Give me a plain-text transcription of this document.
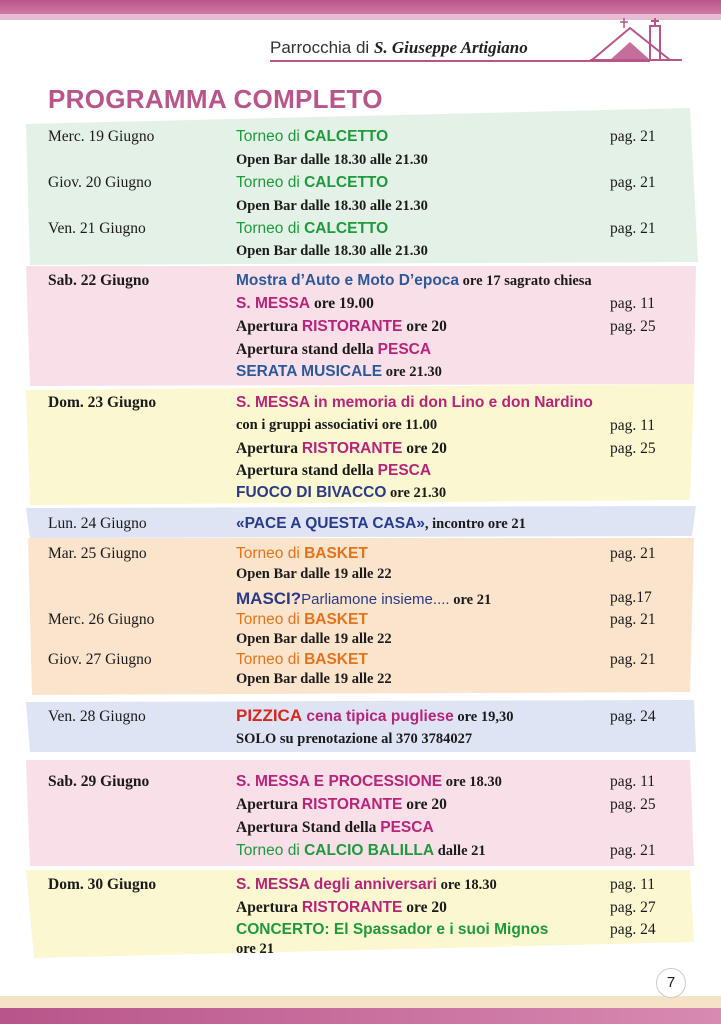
Parrocchia di S. Giuseppe Artigiano
PROGRAMMA COMPLETO
Merc. 19 Giugno	Torneo di CALCETTO	pag. 21
Open Bar dalle 18.30 alle 21.30
Giov. 20 Giugno	Torneo di CALCETTO	pag. 21
Open Bar dalle 18.30 alle 21.30
Ven. 21 Giugno	Torneo di CALCETTO	pag. 21
Open Bar dalle 18.30 alle 21.30
Sab. 22 Giugno	Mostra d’Auto e Moto D’epoca ore 17 sagrato chiesa
S. MESSA ore 19.00	pag. 11
Apertura RISTORANTE ore 20	pag. 25
Apertura stand della PESCA
SERATA MUSICALE ore 21.30
Dom. 23 Giugno	S. MESSA in memoria di don Lino e don Nardino
con i gruppi associativi ore 11.00	pag. 11
Apertura RISTORANTE ore 20	pag. 25
Apertura stand della PESCA
FUOCO DI BIVACCO ore 21.30
Lun. 24 Giugno	«PACE A QUESTA CASA», incontro ore 21
Mar. 25 Giugno	Torneo di BASKET	pag. 21
Open Bar dalle 19 alle 22
MASCI?Parliamone insieme.... ore 21	pag.17
Merc. 26 Giugno	Torneo di BASKET	pag. 21
Open Bar dalle 19 alle 22
Giov. 27 Giugno	Torneo di BASKET	pag. 21
Open Bar dalle 19 alle 22
Ven. 28 Giugno	PIZZICA cena tipica pugliese ore 19,30	pag. 24
SOLO su prenotazione al 370 3784027
Sab. 29 Giugno	S. MESSA E PROCESSIONE ore 18.30	pag. 11
Apertura RISTORANTE ore 20	pag. 25
Apertura Stand della PESCA
Torneo di CALCIO BALILLA dalle 21	pag. 21
Dom. 30 Giugno	S. MESSA degli anniversari ore 18.30	pag. 11
Apertura RISTORANTE ore 20	pag. 27
CONCERTO: El Spassador e i suoi Mignos	pag. 24
ore 21
7
